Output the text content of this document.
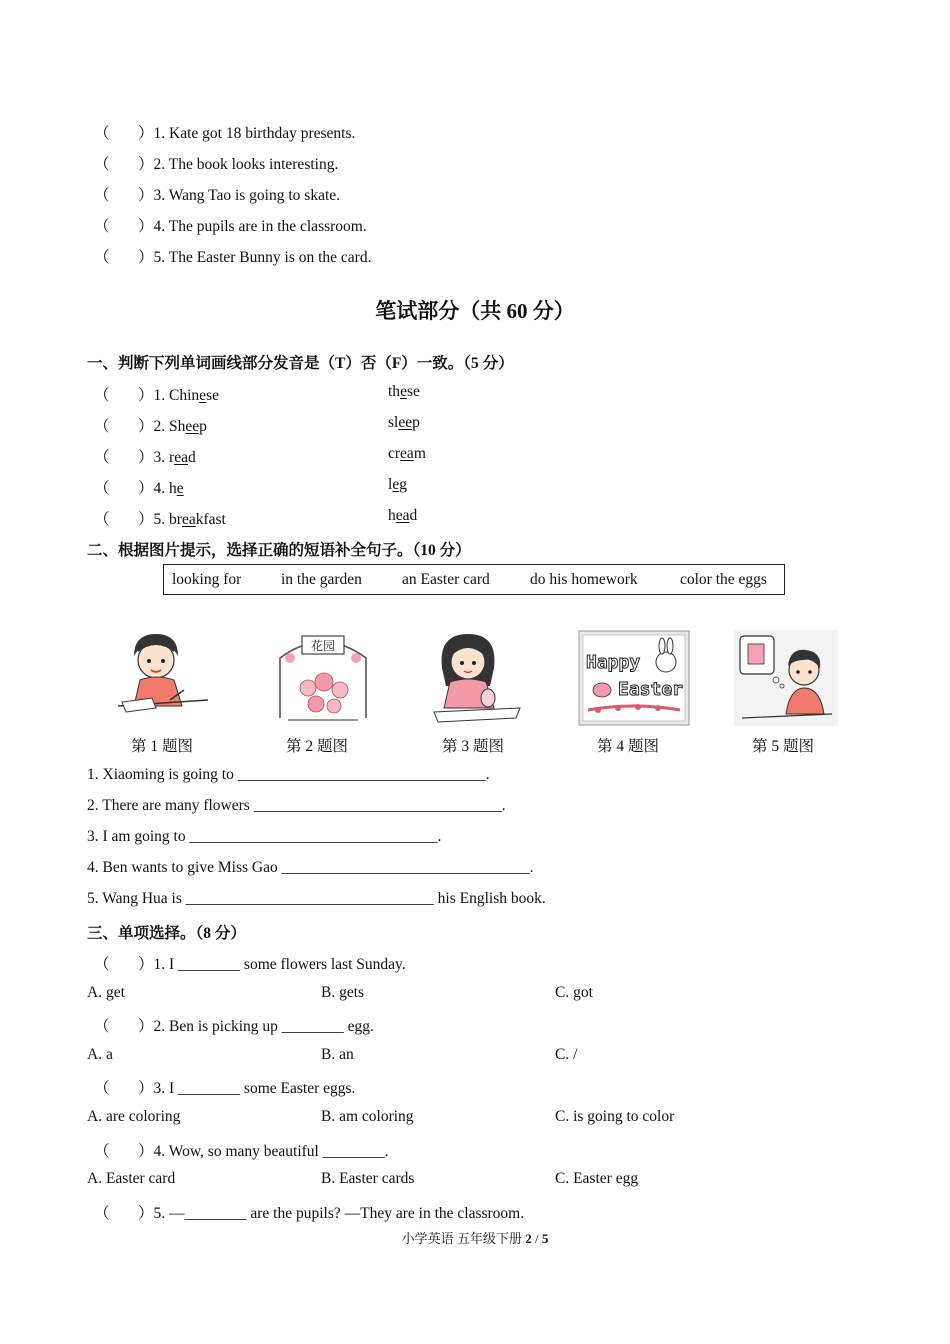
（ ）1. Kate got 18 birthday presents.
（ ）2. The book looks interesting.
（ ）3. Wang Tao is going to skate.
（ ）4. The pupils are in the classroom.
（ ）5. The Easter Bunny is on the card.
笔试部分（共 60 分）
一、判断下列单词画线部分发音是（T）否（F）一致。（5 分）
（ ）1. Chinese	these
（ ）2. Sheep	sleep
（ ）3. read	cream
（ ）4. he	leg
（ ）5. breakfast	head
二、根据图片提示，选择正确的短语补全句子。（10 分）
looking for	in the garden	an Easter card	do his homework	color the eggs
花园
Happy
Easter
第 1 题图	第 2 题图	第 3 题图	第 4 题图	第 5 题图
1. Xiaoming is going to ________________________________.
2. There are many flowers ________________________________.
3. I am going to ________________________________.
4. Ben wants to give Miss Gao ________________________________.
5. Wang Hua is ________________________________ his English book.
三、单项选择。（8 分）
（ ）1. I ________ some flowers last Sunday.
A. get	B. gets	C. got
（ ）2. Ben is picking up ________ egg.
A. a	B. an	C. /
（ ）3. I ________ some Easter eggs.
A. are coloring	B. am coloring	C. is going to color
（ ）4. Wow, so many beautiful ________.
A. Easter card	B. Easter cards	C. Easter egg
（ ）5. —________ are the pupils? —They are in the classroom.
小学英语 五年级下册 2 / 5
